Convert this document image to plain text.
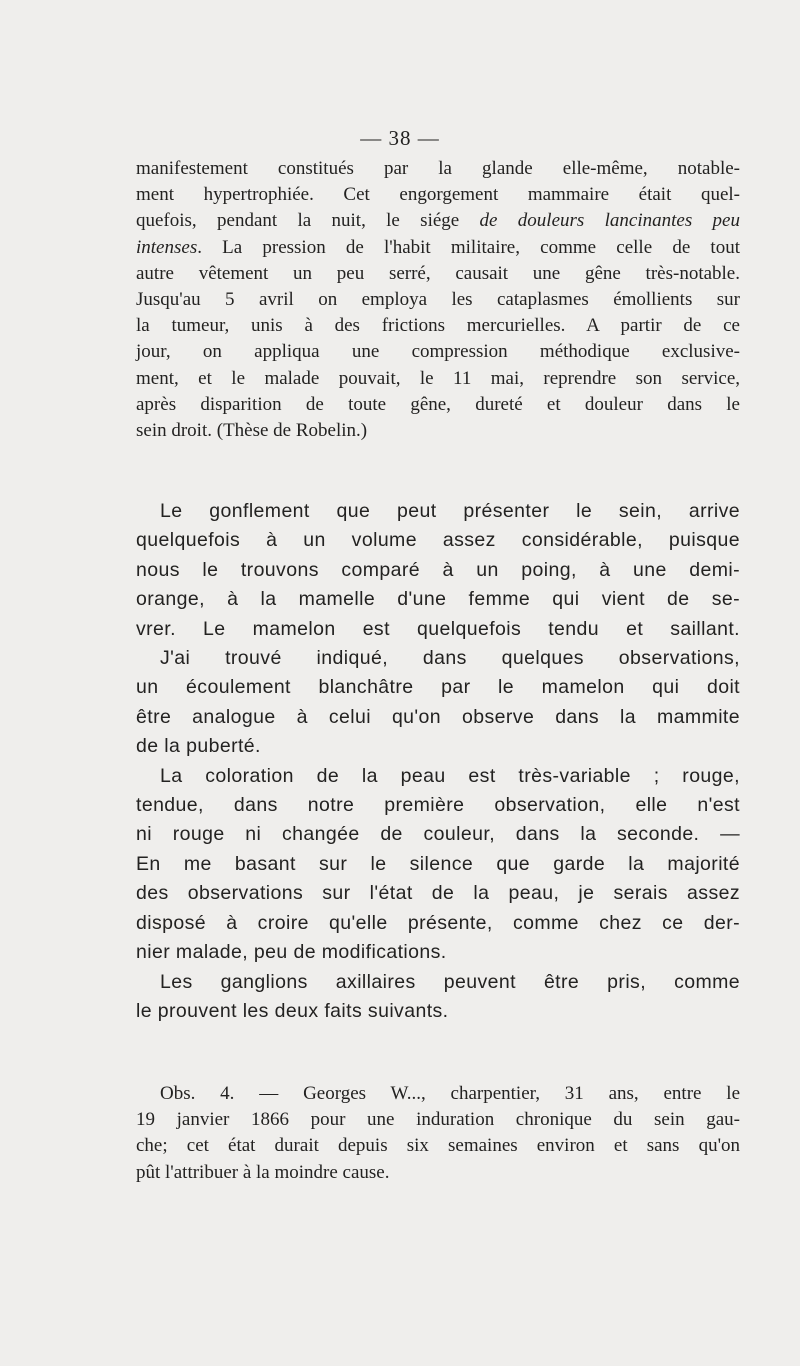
— 38 —
manifestement constitués par la glande elle-même, notable-
ment hypertrophiée. Cet engorgement mammaire était quel-
quefois, pendant la nuit, le siége de douleurs lancinantes peu
intenses. La pression de l'habit militaire, comme celle de tout
autre vêtement un peu serré, causait une gêne très-notable.
Jusqu'au 5 avril on employa les cataplasmes émollients sur
la tumeur, unis à des frictions mercurielles. A partir de ce
jour, on appliqua une compression méthodique exclusive-
ment, et le malade pouvait, le 11 mai, reprendre son service,
après disparition de toute gêne, dureté et douleur dans le
sein droit. (Thèse de Robelin.)
Le gonflement que peut présenter le sein, arrive
quelquefois à un volume assez considérable, puisque
nous le trouvons comparé à un poing, à une demi-
orange, à la mamelle d'une femme qui vient de se-
vrer. Le mamelon est quelquefois tendu et saillant.
J'ai trouvé indiqué, dans quelques observations,
un écoulement blanchâtre par le mamelon qui doit
être analogue à celui qu'on observe dans la mammite
de la puberté.
La coloration de la peau est très-variable ; rouge,
tendue, dans notre première observation, elle n'est
ni rouge ni changée de couleur, dans la seconde. —
En me basant sur le silence que garde la majorité
des observations sur l'état de la peau, je serais assez
disposé à croire qu'elle présente, comme chez ce der-
nier malade, peu de modifications.
Les ganglions axillaires peuvent être pris, comme
le prouvent les deux faits suivants.
Obs. 4. — Georges W..., charpentier, 31 ans, entre le
19 janvier 1866 pour une induration chronique du sein gau-
che; cet état durait depuis six semaines environ et sans qu'on
pût l'attribuer à la moindre cause.
